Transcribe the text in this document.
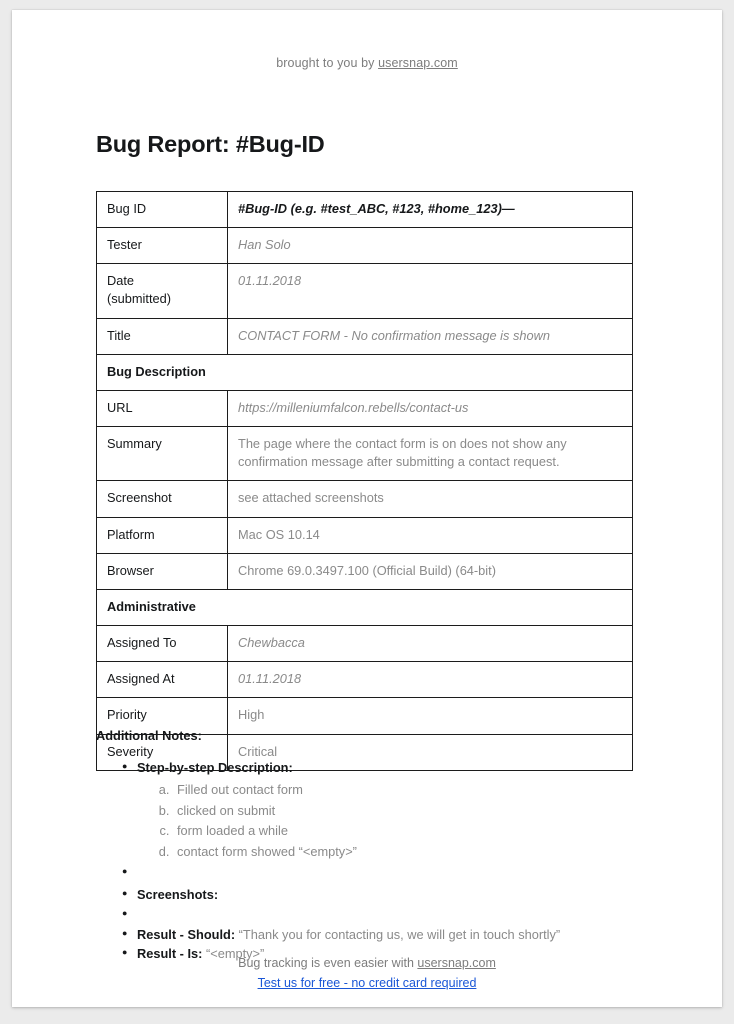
brought to you by usersnap.com
Bug Report: #Bug-ID
Bug ID	#Bug-ID (e.g. #test_ABC, #123, #home_123)—
Tester	Han Solo
Date
(submitted)	01.11.2018
Title	CONTACT FORM - No confirmation message is shown
Bug Description	
URL	https://milleniumfalcon.rebells/contact-us
Summary	The page where the contact form is on does not show any confirmation message after submitting a contact request.
Screenshot	see attached screenshots
Platform	Mac OS 10.14
Browser	Chrome 69.0.3497.100 (Official Build) (64-bit)
Administrative	
Assigned To	Chewbacca
Assigned At	01.11.2018
Priority	High
Severity	Critical
Additional Notes:
● Step-by-step Description:
a. Filled out contact form
b. clicked on submit
c. form loaded a while
d. contact form showed “<empty>”
●
● Screenshots:
●
● Result - Should: “Thank you for contacting us, we will get in touch shortly”
● Result - Is: “<empty>”
Bug tracking is even easier with usersnap.com
Test us for free - no credit card required
